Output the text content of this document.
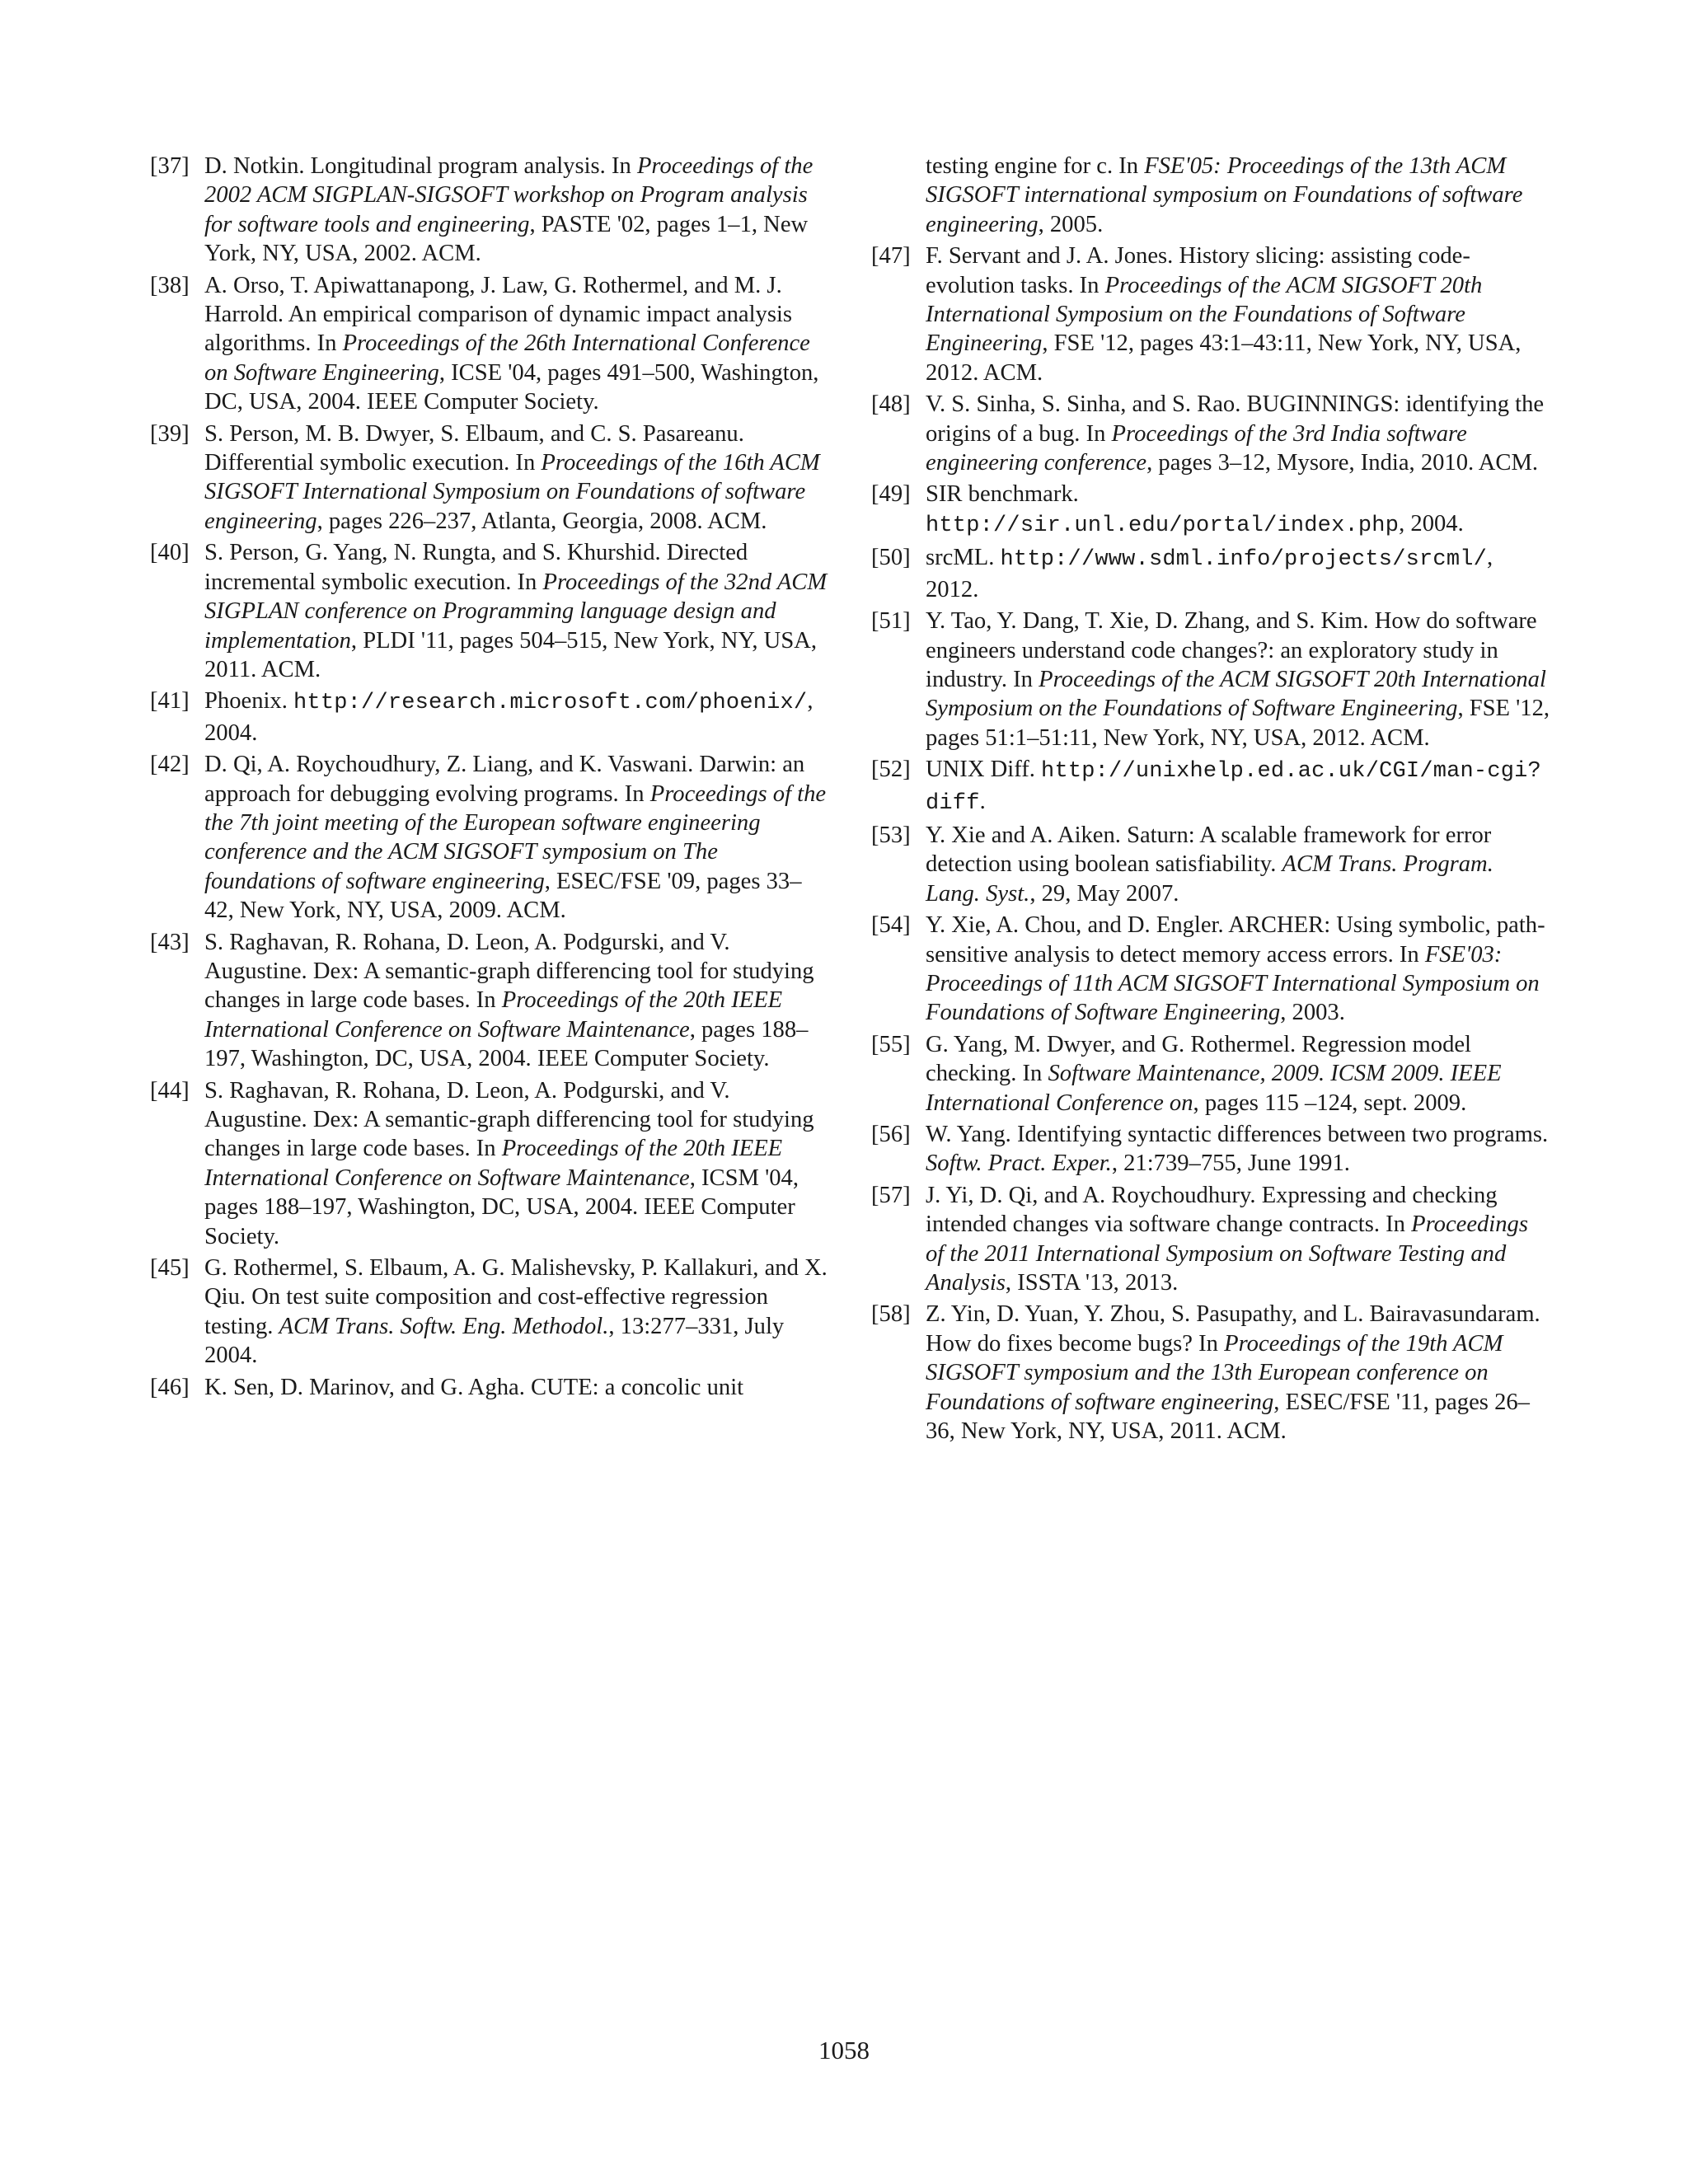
[37] D. Notkin. Longitudinal program analysis. In Proceedings of the 2002 ACM SIGPLAN-SIGSOFT workshop on Program analysis for software tools and engineering, PASTE '02, pages 1–1, New York, NY, USA, 2002. ACM.
[38] A. Orso, T. Apiwattanapong, J. Law, G. Rothermel, and M. J. Harrold. An empirical comparison of dynamic impact analysis algorithms. In Proceedings of the 26th International Conference on Software Engineering, ICSE '04, pages 491–500, Washington, DC, USA, 2004. IEEE Computer Society.
[39] S. Person, M. B. Dwyer, S. Elbaum, and C. S. Pasareanu. Differential symbolic execution. In Proceedings of the 16th ACM SIGSOFT International Symposium on Foundations of software engineering, pages 226–237, Atlanta, Georgia, 2008. ACM.
[40] S. Person, G. Yang, N. Rungta, and S. Khurshid. Directed incremental symbolic execution. In Proceedings of the 32nd ACM SIGPLAN conference on Programming language design and implementation, PLDI '11, pages 504–515, New York, NY, USA, 2011. ACM.
[41] Phoenix. http://research.microsoft.com/phoenix/, 2004.
[42] D. Qi, A. Roychoudhury, Z. Liang, and K. Vaswani. Darwin: an approach for debugging evolving programs. In Proceedings of the the 7th joint meeting of the European software engineering conference and the ACM SIGSOFT symposium on The foundations of software engineering, ESEC/FSE '09, pages 33–42, New York, NY, USA, 2009. ACM.
[43] S. Raghavan, R. Rohana, D. Leon, A. Podgurski, and V. Augustine. Dex: A semantic-graph differencing tool for studying changes in large code bases. In Proceedings of the 20th IEEE International Conference on Software Maintenance, pages 188–197, Washington, DC, USA, 2004. IEEE Computer Society.
[44] S. Raghavan, R. Rohana, D. Leon, A. Podgurski, and V. Augustine. Dex: A semantic-graph differencing tool for studying changes in large code bases. In Proceedings of the 20th IEEE International Conference on Software Maintenance, ICSM '04, pages 188–197, Washington, DC, USA, 2004. IEEE Computer Society.
[45] G. Rothermel, S. Elbaum, A. G. Malishevsky, P. Kallakuri, and X. Qiu. On test suite composition and cost-effective regression testing. ACM Trans. Softw. Eng. Methodol., 13:277–331, July 2004.
[46] K. Sen, D. Marinov, and G. Agha. CUTE: a concolic unit
testing engine for c. In FSE'05: Proceedings of the 13th ACM SIGSOFT international symposium on Foundations of software engineering, 2005.
[47] F. Servant and J. A. Jones. History slicing: assisting code-evolution tasks. In Proceedings of the ACM SIGSOFT 20th International Symposium on the Foundations of Software Engineering, FSE '12, pages 43:1–43:11, New York, NY, USA, 2012. ACM.
[48] V. S. Sinha, S. Sinha, and S. Rao. BUGINNINGS: identifying the origins of a bug. In Proceedings of the 3rd India software engineering conference, pages 3–12, Mysore, India, 2010. ACM.
[49] SIR benchmark. http://sir.unl.edu/portal/index.php, 2004.
[50] srcML. http://www.sdml.info/projects/srcml/, 2012.
[51] Y. Tao, Y. Dang, T. Xie, D. Zhang, and S. Kim. How do software engineers understand code changes?: an exploratory study in industry. In Proceedings of the ACM SIGSOFT 20th International Symposium on the Foundations of Software Engineering, FSE '12, pages 51:1–51:11, New York, NY, USA, 2012. ACM.
[52] UNIX Diff. http://unixhelp.ed.ac.uk/CGI/man-cgi?diff.
[53] Y. Xie and A. Aiken. Saturn: A scalable framework for error detection using boolean satisfiability. ACM Trans. Program. Lang. Syst., 29, May 2007.
[54] Y. Xie, A. Chou, and D. Engler. ARCHER: Using symbolic, path-sensitive analysis to detect memory access errors. In FSE'03: Proceedings of 11th ACM SIGSOFT International Symposium on Foundations of Software Engineering, 2003.
[55] G. Yang, M. Dwyer, and G. Rothermel. Regression model checking. In Software Maintenance, 2009. ICSM 2009. IEEE International Conference on, pages 115 –124, sept. 2009.
[56] W. Yang. Identifying syntactic differences between two programs. Softw. Pract. Exper., 21:739–755, June 1991.
[57] J. Yi, D. Qi, and A. Roychoudhury. Expressing and checking intended changes via software change contracts. In Proceedings of the 2011 International Symposium on Software Testing and Analysis, ISSTA '13, 2013.
[58] Z. Yin, D. Yuan, Y. Zhou, S. Pasupathy, and L. Bairavasundaram. How do fixes become bugs? In Proceedings of the 19th ACM SIGSOFT symposium and the 13th European conference on Foundations of software engineering, ESEC/FSE '11, pages 26–36, New York, NY, USA, 2011. ACM.
1058
